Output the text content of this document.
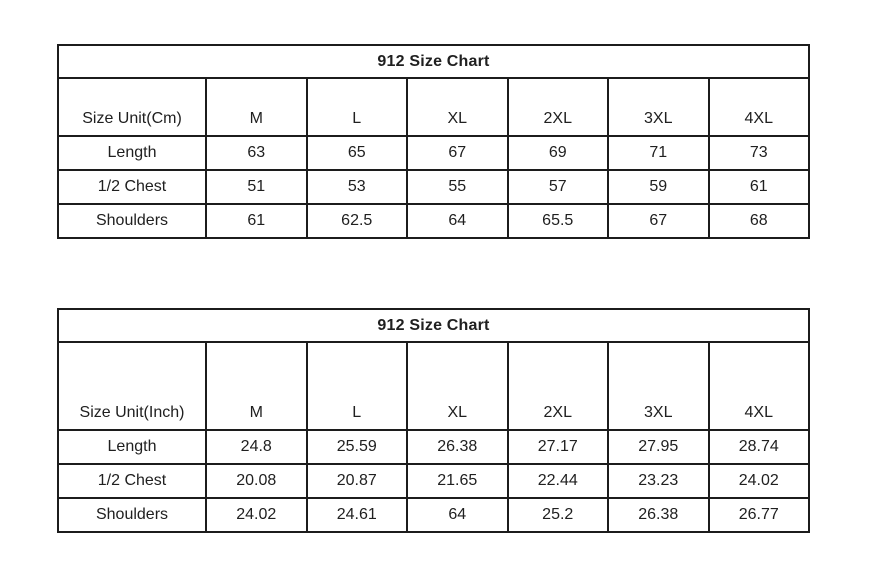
912 Size Chart						
Size Unit(Cm)	M	L	XL	2XL	3XL	4XL
Length	63	65	67	69	71	73
1/2 Chest	51	53	55	57	59	61
Shoulders	61	62.5	64	65.5	67	68
912 Size Chart						
Size Unit(Inch)	M	L	XL	2XL	3XL	4XL
Length	24.8	25.59	26.38	27.17	27.95	28.74
1/2 Chest	20.08	20.87	21.65	22.44	23.23	24.02
Shoulders	24.02	24.61	64	25.2	26.38	26.77
